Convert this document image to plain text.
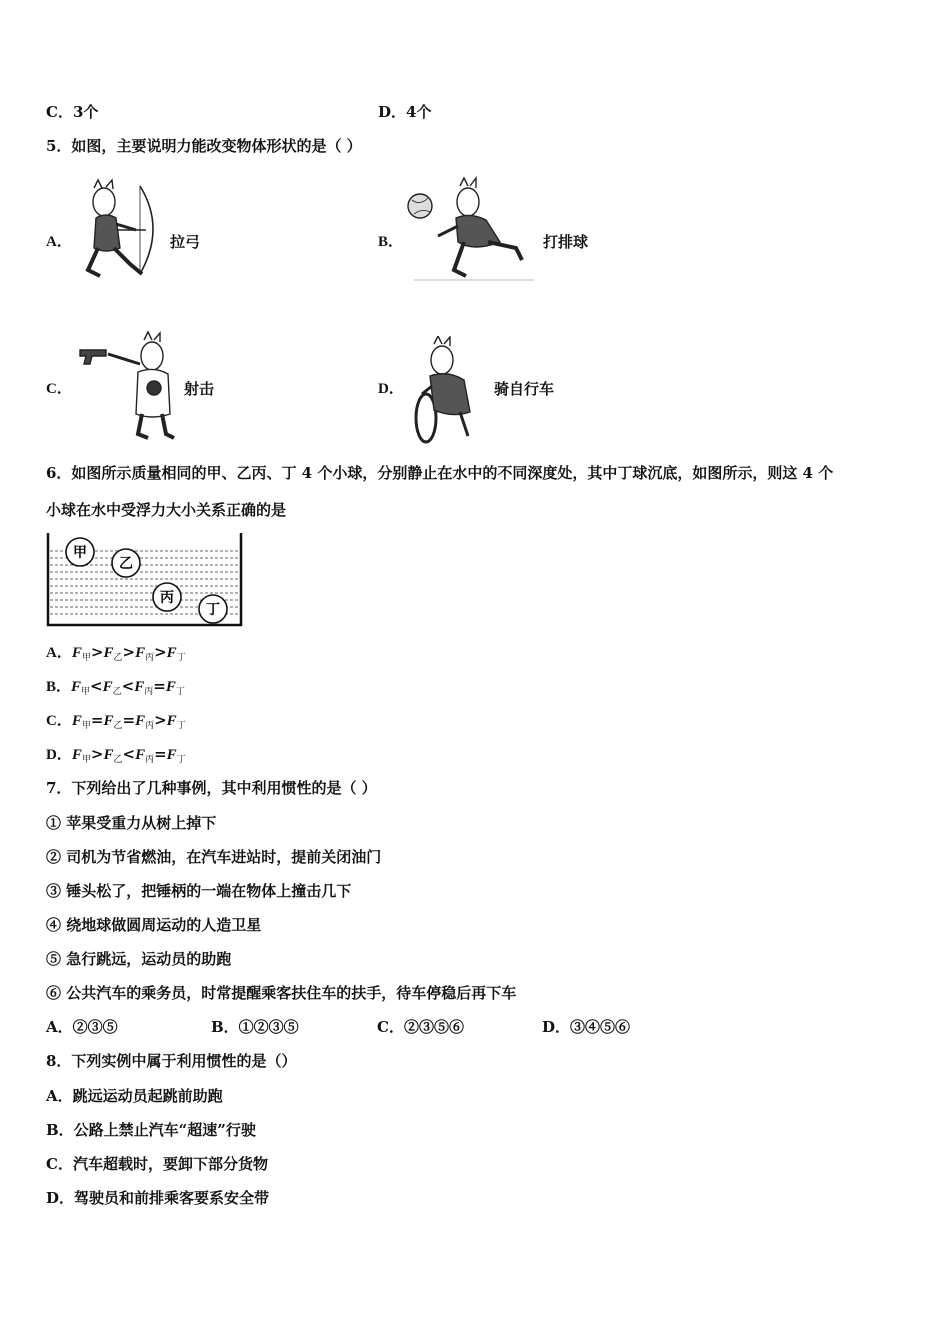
C．3个	D．4个
5．如图，主要说明力能改变物体形状的是（ ）
A．	拉弓	B．	打排球
C．	射击	D．	骑自行车
6．如图所示质量相同的甲、乙丙、丁 4 个小球，分别静止在水中的不同深度处，其中丁球沉底，如图所示，则这 4 个
小球在水中受浮力大小关系正确的是
甲
乙
丙
丁
A．$F_甲>F_乙>F_丙>F_丁$
B．$F_甲<F_乙<F_丙=F_丁$
C．$F_甲=F_乙=F_丙>F_丁$
D．$F_甲>F_乙<F_丙=F_丁$
7．下列给出了几种事例，其中利用惯性的是（ ）
① 苹果受重力从树上掉下
② 司机为节省燃油，在汽车进站时，提前关闭油门
③ 锤头松了，把锤柄的一端在物体上撞击几下
④ 绕地球做圆周运动的人造卫星
⑤ 急行跳远，运动员的助跑
⑥ 公共汽车的乘务员，时常提醒乘客扶住车的扶手，待车停稳后再下车
A．②③⑤	B．①②③⑤	C．②③⑤⑥	D．③④⑤⑥
8．下列实例中属于利用惯性的是（）
A．跳远运动员起跳前助跑
B．公路上禁止汽车“超速”行驶
C．汽车超载时，要卸下部分货物
D．驾驶员和前排乘客要系安全带
